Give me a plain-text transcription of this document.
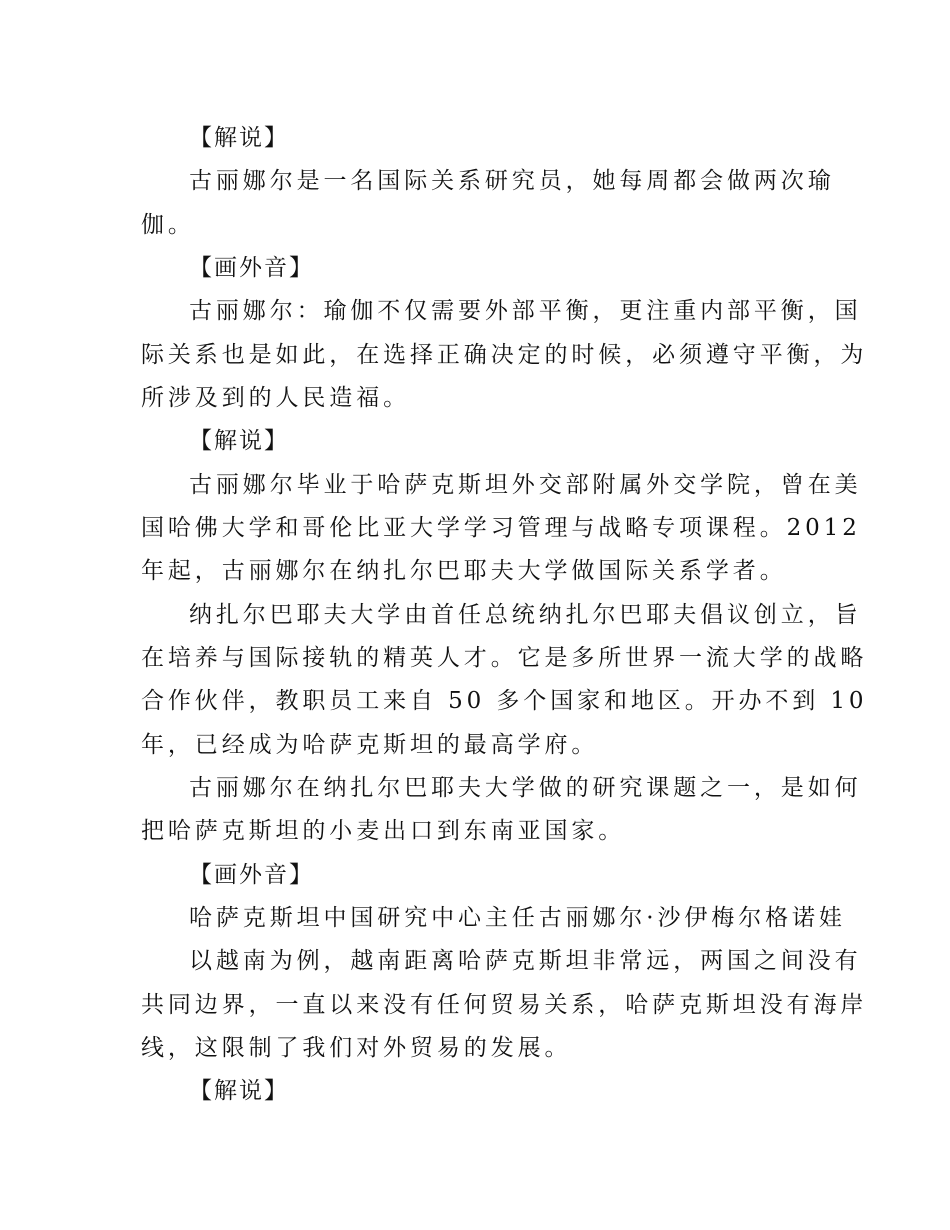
【解说】
古丽娜尔是一名国际关系研究员，她每周都会做两次瑜
伽。
【画外音】
古丽娜尔：瑜伽不仅需要外部平衡，更注重内部平衡，国
际关系也是如此，在选择正确决定的时候，必须遵守平衡，为
所涉及到的人民造福。
【解说】
古丽娜尔毕业于哈萨克斯坦外交部附属外交学院，曾在美
国哈佛大学和哥伦比亚大学学习管理与战略专项课程。2012
年起，古丽娜尔在纳扎尔巴耶夫大学做国际关系学者。
纳扎尔巴耶夫大学由首任总统纳扎尔巴耶夫倡议创立，旨
在培养与国际接轨的精英人才。它是多所世界一流大学的战略
合作伙伴，教职员工来自 50 多个国家和地区。开办不到 10
年，已经成为哈萨克斯坦的最高学府。
古丽娜尔在纳扎尔巴耶夫大学做的研究课题之一，是如何
把哈萨克斯坦的小麦出口到东南亚国家。
【画外音】
哈萨克斯坦中国研究中心主任古丽娜尔·沙伊梅尔格诺娃
以越南为例，越南距离哈萨克斯坦非常远，两国之间没有
共同边界，一直以来没有任何贸易关系，哈萨克斯坦没有海岸
线，这限制了我们对外贸易的发展。
【解说】
